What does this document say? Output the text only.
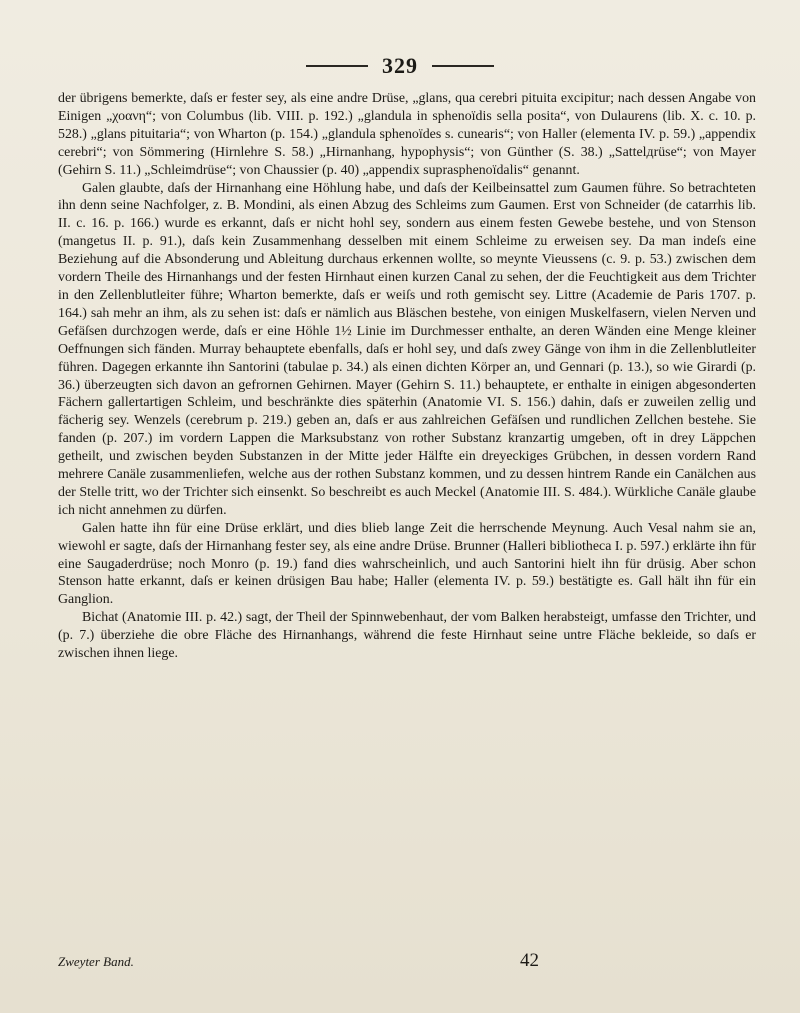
329

der übrigens bemerkte, daſs er fester sey, als eine andre Drüse, „glans, qua cerebri pituita excipitur; nach dessen Angabe von Einigen „χοανη“; von Columbus (lib. VIII. p. 192.) „glandula in sphenoïdis sella posita“, von Dulaurens (lib. X. c. 10. p. 528.) „glans pituitaria“; von Wharton (p. 154.) „glandula sphenoïdes s. cunearis“; von Haller (elementa IV. p. 59.) „appendix cerebri“; von Sömmering (Hirnlehre S. 58.) „Hirnanhang, hypophysis“; von Günther (S. 38.) „Sattelдrüse“; von Mayer (Gehirn S. 11.) „Schleimdrüse“; von Chaussier (p. 40) „appendix suprasphenoïdalis“ genannt.

Galen glaubte, daſs der Hirnanhang eine Höhlung habe, und daſs der Keilbeinsattel zum Gaumen führe. So betrachteten ihn denn seine Nachfolger, z. B. Mondini, als einen Abzug des Schleims zum Gaumen. Erst von Schneider (de catarrhis lib. II. c. 16. p. 166.) wurde es erkannt, daſs er nicht hohl sey, sondern aus einem festen Gewebe bestehe, und von Stenson (mangetus II. p. 91.), daſs kein Zusammenhang desselben mit einem Schleime zu erweisen sey. Da man indeſs eine Beziehung auf die Absonderung und Ableitung durchaus erkennen wollte, so meynte Vieussens (c. 9. p. 53.) zwischen dem vordern Theile des Hirnanhangs und der festen Hirnhaut einen kurzen Canal zu sehen, der die Feuchtigkeit aus dem Trichter in den Zellenblutleiter führe; Wharton bemerkte, daſs er weiſs und roth gemischt sey. Littre (Academie de Paris 1707. p. 164.) sah mehr an ihm, als zu sehen ist: daſs er nämlich aus Bläschen bestehe, von einigen Muskelfasern, vielen Nerven und Gefäſsen durchzogen werde, daſs er eine Höhle 1½ Linie im Durchmesser enthalte, an deren Wänden eine Menge kleiner Oeffnungen sich fänden. Murray behauptete ebenfalls, daſs er hohl sey, und daſs zwey Gänge von ihm in die Zellenblutleiter führen. Dagegen erkannte ihn Santorini (tabulae p. 34.) als einen dichten Körper an, und Gennari (p. 13.), so wie Girardi (p. 36.) überzeugten sich davon an gefrornen Gehirnen. Mayer (Gehirn S. 11.) behauptete, er enthalte in einigen abgesonderten Fächern gallertartigen Schleim, und beschränkte dies späterhin (Anatomie VI. S. 156.) dahin, daſs er zuweilen zellig und fächerig sey. Wenzels (cerebrum p. 219.) geben an, daſs er aus zahlreichen Gefäſsen und rundlichen Zellchen bestehe. Sie fanden (p. 207.) im vordern Lappen die Marksubstanz von rother Substanz kranzartig umgeben, oft in drey Läppchen getheilt, und zwischen beyden Substanzen in der Mitte jeder Hälfte ein dreyeckiges Grübchen, in dessen vordern Rand mehrere Canäle zusammenliefen, welche aus der rothen Substanz kommen, und zu dessen hintrem Rande ein Canälchen aus der Stelle tritt, wo der Trichter sich einsenkt. So beschreibt es auch Meckel (Anatomie III. S. 484.). Würkliche Canäle glaube ich nicht annehmen zu dürfen.

Galen hatte ihn für eine Drüse erklärt, und dies blieb lange Zeit die herrschende Meynung. Auch Vesal nahm sie an, wiewohl er sagte, daſs der Hirnanhang fester sey, als eine andre Drüse. Brunner (Halleri bibliotheca I. p. 597.) erklärte ihn für eine Saugaderdrüse; noch Monro (p. 19.) fand dies wahrscheinlich, und auch Santorini hielt ihn für drüsig. Aber schon Stenson hatte erkannt, daſs er keinen drüsigen Bau habe; Haller (elementa IV. p. 59.) bestätigte es. Gall hält ihn für ein Ganglion.

Bichat (Anatomie III. p. 42.) sagt, der Theil der Spinnwebenhaut, der vom Balken herabsteigt, umfasse den Trichter, und (p. 7.) überziehe die obre Fläche des Hirnanhangs, während die feste Hirnhaut seine untre Fläche bekleide, so daſs er zwischen ihnen liege.

Zweyter Band.	42
